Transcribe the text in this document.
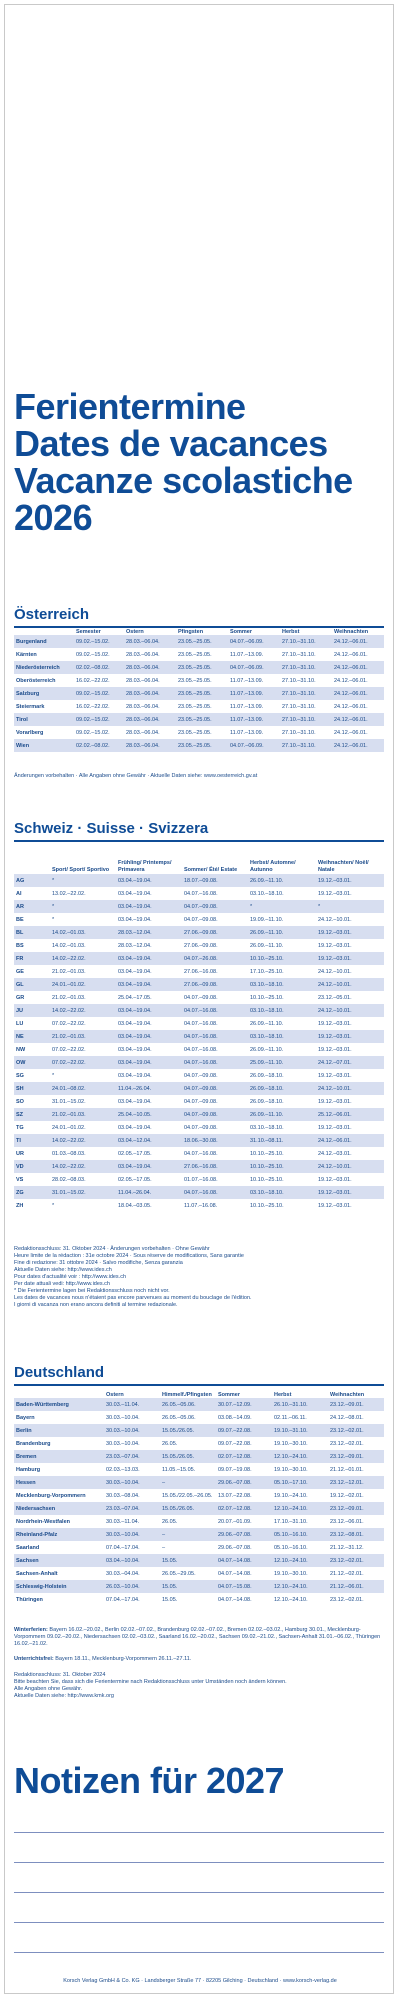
Ferientermine
Dates de vacances
Vacanze scolastiche
2026
Österreich
	Semester	Ostern	Pfingsten	Sommer	Herbst	Weihnachten
Burgenland	09.02.–15.02.	28.03.–06.04.	23.05.–25.05.	04.07.–06.09.	27.10.–31.10.	24.12.–06.01.
Kärnten	09.02.–15.02.	28.03.–06.04.	23.05.–25.05.	11.07.–13.09.	27.10.–31.10.	24.12.–06.01.
Niederösterreich	02.02.–08.02.	28.03.–06.04.	23.05.–25.05.	04.07.–06.09.	27.10.–31.10.	24.12.–06.01.
Oberösterreich	16.02.–22.02.	28.03.–06.04.	23.05.–25.05.	11.07.–13.09.	27.10.–31.10.	24.12.–06.01.
Salzburg	09.02.–15.02.	28.03.–06.04.	23.05.–25.05.	11.07.–13.09.	27.10.–31.10.	24.12.–06.01.
Steiermark	16.02.–22.02.	28.03.–06.04.	23.05.–25.05.	11.07.–13.09.	27.10.–31.10.	24.12.–06.01.
Tirol	09.02.–15.02.	28.03.–06.04.	23.05.–25.05.	11.07.–13.09.	27.10.–31.10.	24.12.–06.01.
Vorarlberg	09.02.–15.02.	28.03.–06.04.	23.05.–25.05.	11.07.–13.09.	27.10.–31.10.	24.12.–06.01.
Wien	02.02.–08.02.	28.03.–06.04.	23.05.–25.05.	04.07.–06.09.	27.10.–31.10.	24.12.–06.01.
Änderungen vorbehalten · Alle Angaben ohne Gewähr · Aktuelle Daten siehe: www.oesterreich.gv.at
Schweiz · Suisse · Svizzera
	Sport/ Sport/ Sportivo	Frühling/ Printemps/ Primavera	Sommer/ Été/ Estate	Herbst/ Automne/ Autunno	Weihnachten/ Noël/ Natale
AG	*	03.04.–19.04.	18.07.–09.08.	26.09.–11.10.	19.12.–03.01.
AI	13.02.–22.02.	03.04.–19.04.	04.07.–16.08.	03.10.–18.10.	19.12.–03.01.
AR	*	03.04.–19.04.	04.07.–09.08.	*	*
BE	*	03.04.–19.04.	04.07.–09.08.	19.09.–11.10.	24.12.–10.01.
BL	14.02.–01.03.	28.03.–12.04.	27.06.–09.08.	26.09.–11.10.	19.12.–03.01.
BS	14.02.–01.03.	28.03.–12.04.	27.06.–09.08.	26.09.–11.10.	19.12.–03.01.
FR	14.02.–22.02.	03.04.–19.04.	04.07.–26.08.	10.10.–25.10.	19.12.–03.01.
GE	21.02.–01.03.	03.04.–19.04.	27.06.–16.08.	17.10.–25.10.	24.12.–10.01.
GL	24.01.–01.02.	03.04.–19.04.	27.06.–09.08.	03.10.–18.10.	24.12.–10.01.
GR	21.02.–01.03.	25.04.–17.05.	04.07.–09.08.	10.10.–25.10.	23.12.–05.01.
JU	14.02.–22.02.	03.04.–19.04.	04.07.–16.08.	03.10.–18.10.	24.12.–10.01.
LU	07.02.–22.02.	03.04.–19.04.	04.07.–16.08.	26.09.–11.10.	19.12.–03.01.
NE	21.02.–01.03.	03.04.–19.04.	04.07.–16.08.	03.10.–18.10.	19.12.–03.01.
NW	07.02.–22.02.	03.04.–19.04.	04.07.–16.08.	26.09.–11.10.	19.12.–03.01.
OW	07.02.–22.02.	03.04.–19.04.	04.07.–16.08.	25.09.–11.10.	24.12.–07.01.
SG	*	03.04.–19.04.	04.07.–09.08.	26.09.–18.10.	19.12.–03.01.
SH	24.01.–08.02.	11.04.–26.04.	04.07.–09.08.	26.09.–18.10.	24.12.–10.01.
SO	31.01.–15.02.	03.04.–19.04.	04.07.–09.08.	26.09.–18.10.	19.12.–03.01.
SZ	21.02.–01.03.	25.04.–10.05.	04.07.–09.08.	26.09.–11.10.	25.12.–06.01.
TG	24.01.–01.02.	03.04.–19.04.	04.07.–09.08.	03.10.–18.10.	19.12.–03.01.
TI	14.02.–22.02.	03.04.–12.04.	18.06.–30.08.	31.10.–08.11.	24.12.–06.01.
UR	01.03.–08.03.	02.05.–17.05.	04.07.–16.08.	10.10.–25.10.	24.12.–03.01.
VD	14.02.–22.02.	03.04.–19.04.	27.06.–16.08.	10.10.–25.10.	24.12.–10.01.
VS	28.02.–08.03.	02.05.–17.05.	01.07.–16.08.	10.10.–25.10.	19.12.–03.01.
ZG	31.01.–15.02.	11.04.–26.04.	04.07.–16.08.	03.10.–18.10.	19.12.–03.01.
ZH	*	18.04.–03.05.	11.07.–16.08.	10.10.–25.10.	19.12.–03.01.
Redaktionsschluss: 31. Oktober 2024 · Änderungen vorbehalten · Ohne Gewähr
Heure limite de la rédaction : 31e octobre 2024 · Sous réserve de modifications, Sans garantie
Fine di redazione: 31 ottobre 2024 · Salvo modifiche, Senza garanzia
Aktuelle Daten siehe: http://www.ides.ch
Pour dates d'actualité voir : http://www.ides.ch
Per date attuali vedi: http://www.ides.ch
* Die Ferientermine lagen bei Redaktionsschluss noch nicht vor.
Les dates de vacances nous n'étaient pas encore parvenues au moment du bouclage de l'édition.
I giorni di vacanza non erano ancora definiti al termine redazionale.
Deutschland
	Ostern	Himmelf./Pfingsten	Sommer	Herbst	Weihnachten
Baden-Württemberg	30.03.–11.04.	26.05.–05.06.	30.07.–12.09.	26.10.–31.10.	23.12.–09.01.
Bayern	30.03.–10.04.	26.05.–05.06.	03.08.–14.09.	02.11.–06.11.	24.12.–08.01.
Berlin	30.03.–10.04.	15.05./26.05.	09.07.–22.08.	19.10.–31.10.	23.12.–02.01.
Brandenburg	30.03.–10.04.	26.05.	09.07.–22.08.	19.10.–30.10.	23.12.–02.01.
Bremen	23.03.–07.04.	15.05./26.05.	02.07.–12.08.	12.10.–24.10.	23.12.–09.01.
Hamburg	02.03.–13.03.	11.05.–15.05.	09.07.–19.08.	19.10.–30.10.	21.12.–01.01.
Hessen	30.03.–10.04.	–	29.06.–07.08.	05.10.–17.10.	23.12.–12.01.
Mecklenburg-Vorpommern	30.03.–08.04.	15.05./22.05.–26.05.	13.07.–22.08.	19.10.–24.10.	19.12.–02.01.
Niedersachsen	23.03.–07.04.	15.05./26.05.	02.07.–12.08.	12.10.–24.10.	23.12.–09.01.
Nordrhein-Westfalen	30.03.–11.04.	26.05.	20.07.–01.09.	17.10.–31.10.	23.12.–06.01.
Rheinland-Pfalz	30.03.–10.04.	–	29.06.–07.08.	05.10.–16.10.	23.12.–08.01.
Saarland	07.04.–17.04.	–	29.06.–07.08.	05.10.–16.10.	21.12.–31.12.
Sachsen	03.04.–10.04.	15.05.	04.07.–14.08.	12.10.–24.10.	23.12.–02.01.
Sachsen-Anhalt	30.03.–04.04.	26.05.–29.05.	04.07.–14.08.	19.10.–30.10.	21.12.–02.01.
Schleswig-Holstein	26.03.–10.04.	15.05.	04.07.–15.08.	12.10.–24.10.	21.12.–06.01.
Thüringen	07.04.–17.04.	15.05.	04.07.–14.08.	12.10.–24.10.	23.12.–02.01.
Winterferien: Bayern 16.02.–20.02., Berlin 02.02.–07.02., Brandenburg 02.02.–07.02., Bremen 02.02.–03.02., Hamburg 30.01., Mecklenburg-Vorpommern 09.02.–20.02., Niedersachsen 02.02.–03.02., Saarland 16.02.–20.02., Sachsen 09.02.–21.02., Sachsen-Anhalt 31.01.–06.02., Thüringen 16.02.–21.02.
Unterrichtsfrei: Bayern 18.11., Mecklenburg-Vorpommern 26.11.–27.11.
Redaktionsschluss: 31. Oktober 2024
Bitte beachten Sie, dass sich die Ferientermine nach Redaktionsschluss unter Umständen noch ändern können.
Alle Angaben ohne Gewähr.
Aktuelle Daten siehe: http://www.kmk.org
Notizen für 2027
Korsch Verlag GmbH & Co. KG · Landsberger Straße 77 · 82205 Gilching · Deutschland · www.korsch-verlag.de
